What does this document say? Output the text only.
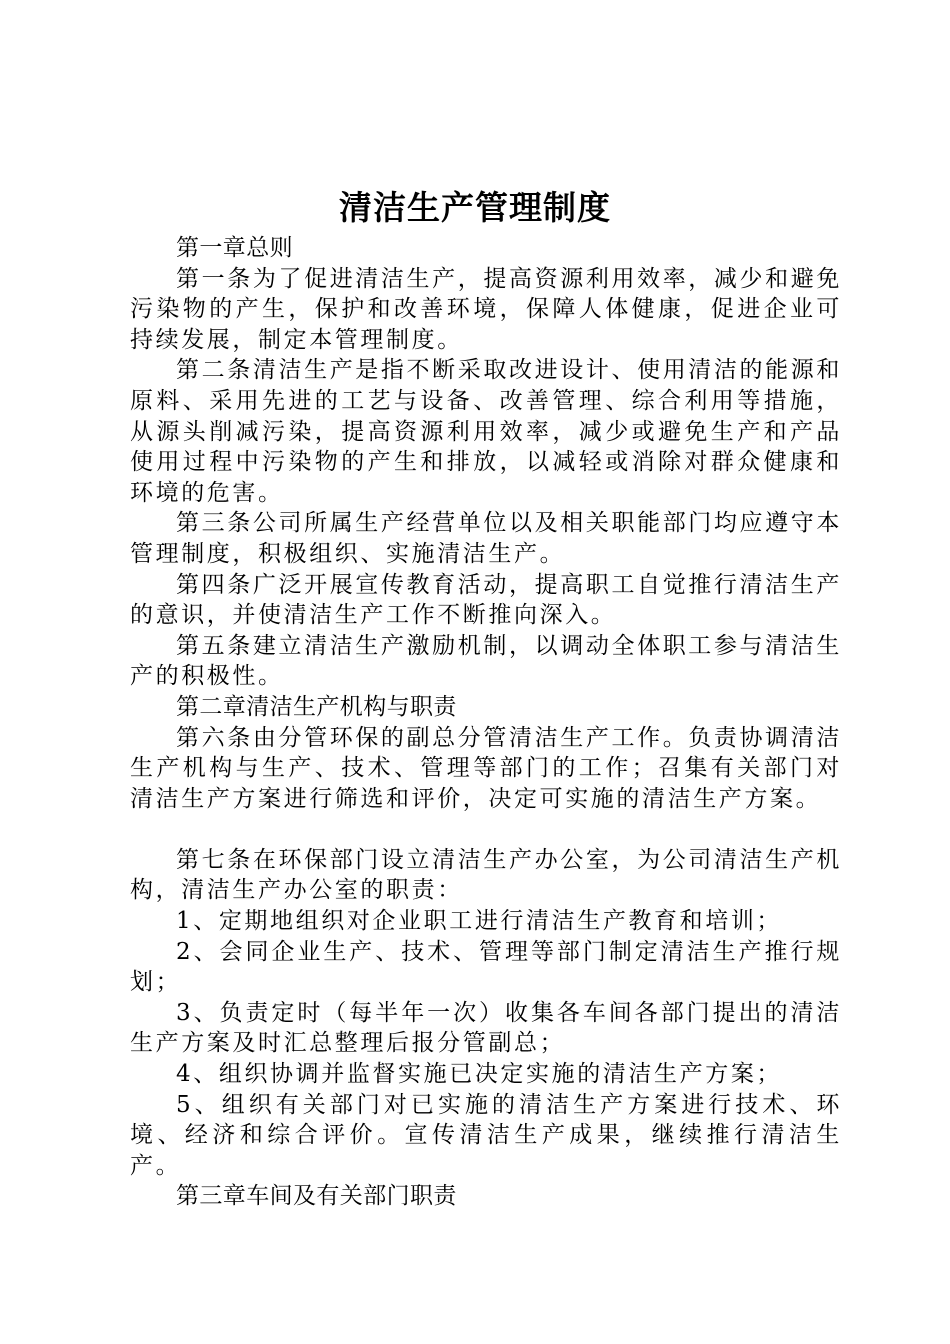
清洁生产管理制度

第一章总则

第一条为了促进清洁生产，提高资源利用效率，减少和避免污染物的产生，保护和改善环境，保障人体健康，促进企业可持续发展，制定本管理制度。

第二条清洁生产是指不断采取改进设计、使用清洁的能源和原料、采用先进的工艺与设备、改善管理、综合利用等措施，从源头削减污染，提高资源利用效率，减少或避免生产和产品使用过程中污染物的产生和排放，以减轻或消除对群众健康和环境的危害。

第三条公司所属生产经营单位以及相关职能部门均应遵守本管理制度，积极组织、实施清洁生产。

第四条广泛开展宣传教育活动，提高职工自觉推行清洁生产的意识，并使清洁生产工作不断推向深入。

第五条建立清洁生产激励机制，以调动全体职工参与清洁生产的积极性。

第二章清洁生产机构与职责

第六条由分管环保的副总分管清洁生产工作。负责协调清洁生产机构与生产、技术、管理等部门的工作；召集有关部门对清洁生产方案进行筛选和评价，决定可实施的清洁生产方案。

第七条在环保部门设立清洁生产办公室，为公司清洁生产机构，清洁生产办公室的职责：

1、定期地组织对企业职工进行清洁生产教育和培训；

2、会同企业生产、技术、管理等部门制定清洁生产推行规划；

3、负责定时（每半年一次）收集各车间各部门提出的清洁生产方案及时汇总整理后报分管副总；

4、组织协调并监督实施已决定实施的清洁生产方案；

5、组织有关部门对已实施的清洁生产方案进行技术、环境、经济和综合评价。宣传清洁生产成果，继续推行清洁生产。

第三章车间及有关部门职责
